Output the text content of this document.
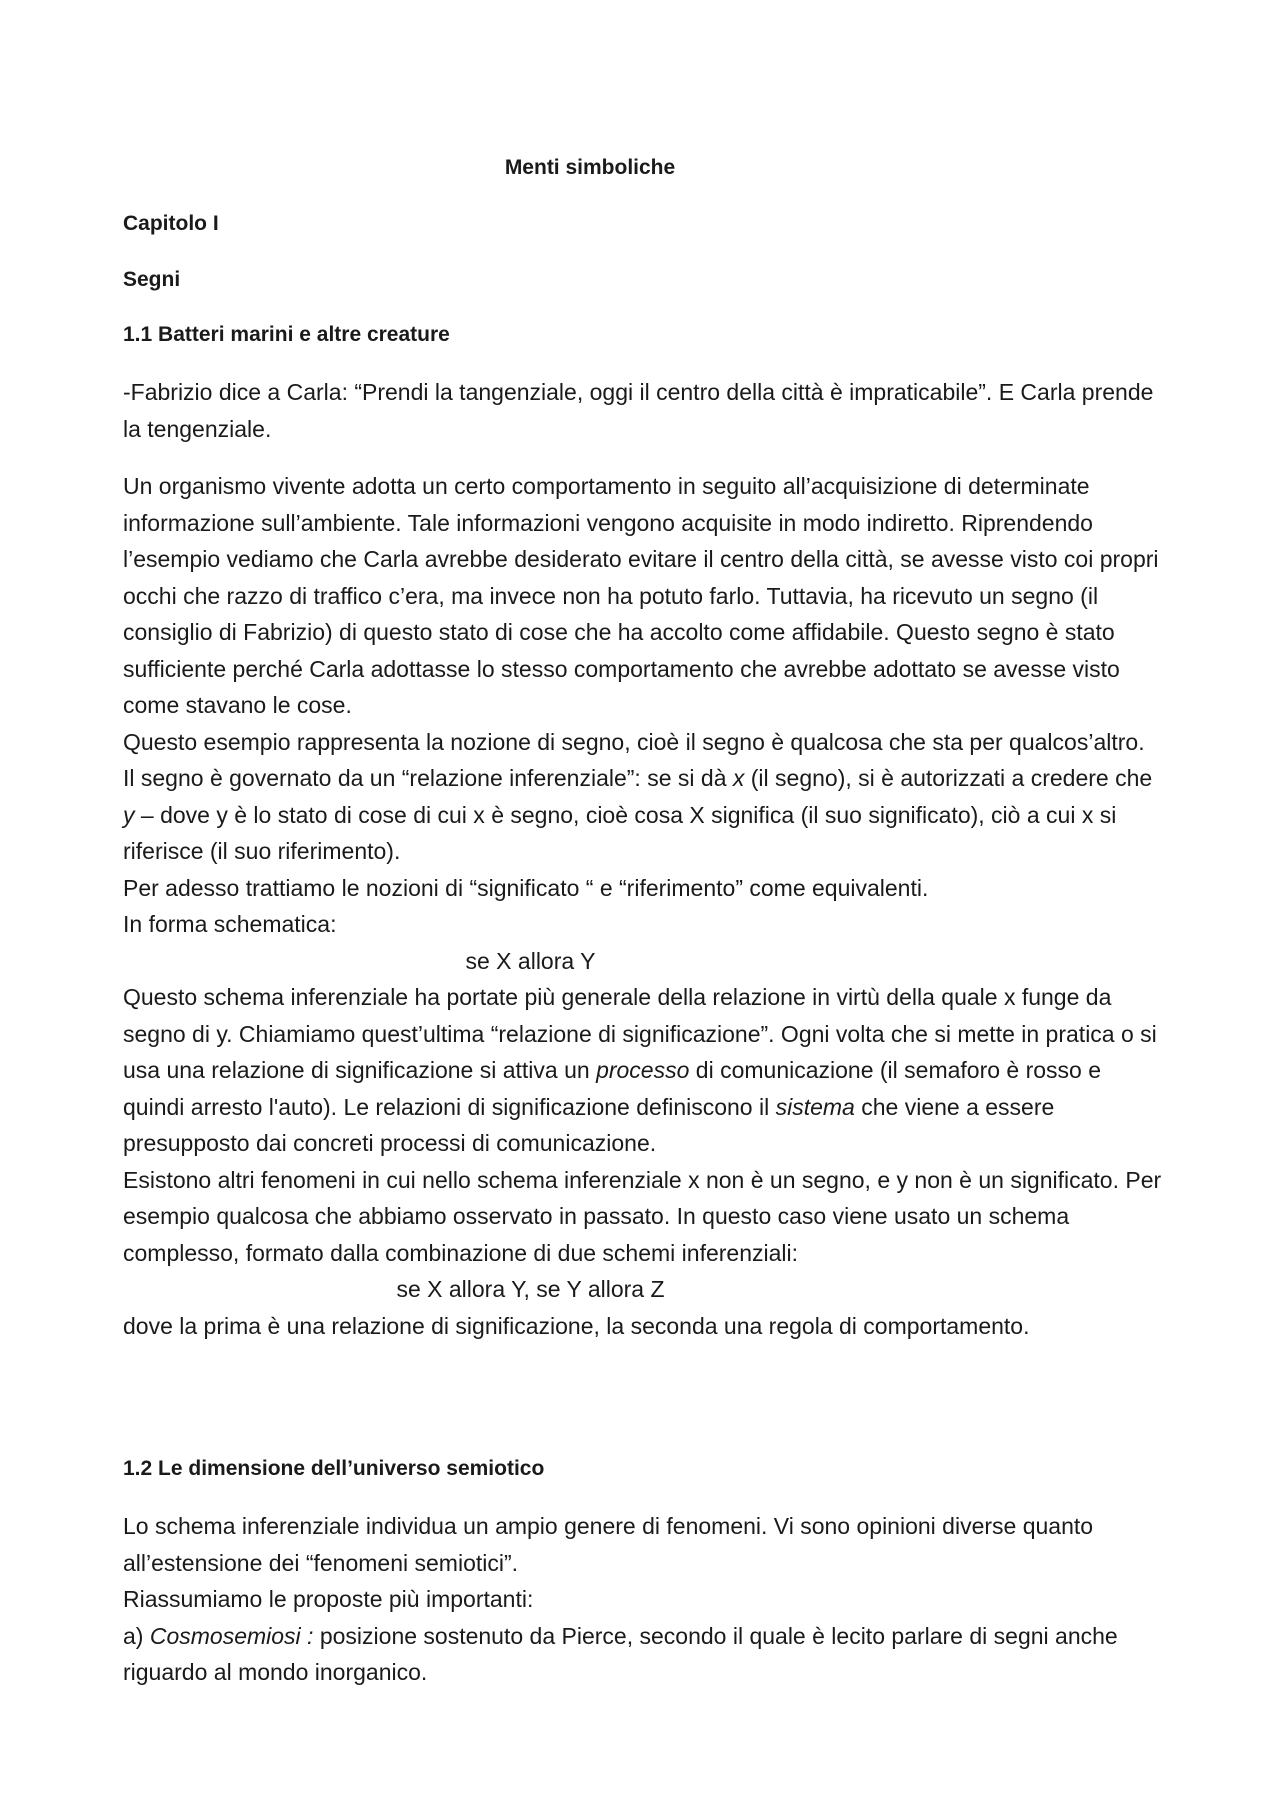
Menti simboliche
Capitolo I
Segni
1.1 Batteri marini e altre creature

-Fabrizio dice a Carla: “Prendi la tangenziale, oggi il centro della città è impraticabile”. E Carla prende la tengenziale.

Un organismo vivente adotta un certo comportamento in seguito all’acquisizione di determinate informazione sull’ambiente. Tale informazioni vengono acquisite in modo indiretto. Riprendendo l’esempio vediamo che Carla avrebbe desiderato evitare il centro della città, se avesse visto coi propri occhi che razzo di traffico c’era, ma invece non ha potuto farlo. Tuttavia, ha ricevuto un segno (il consiglio di Fabrizio) di questo stato di cose che ha accolto come affidabile. Questo segno è stato sufficiente perché Carla adottasse lo stesso comportamento che avrebbe adottato se avesse visto come stavano le cose.

Questo esempio rappresenta la nozione di segno, cioè il segno è qualcosa che sta per qualcos’altro.

Il segno è governato da un “relazione inferenziale”: se si dà x (il segno), si è autorizzati a credere che y – dove y è lo stato di cose di cui x è segno, cioè cosa X significa (il suo significato), ciò a cui x si riferisce (il suo riferimento).

Per adesso trattiamo le nozioni di “significato “ e “riferimento” come equivalenti.

In forma schematica:

se X allora Y

Questo schema inferenziale ha portate più generale della relazione in virtù della quale x funge da segno di y. Chiamiamo quest’ultima “relazione di significazione”. Ogni volta che si mette in pratica o si usa una relazione di significazione si attiva un processo di comunicazione (il semaforo è rosso e quindi arresto l'auto). Le relazioni di significazione definiscono il sistema che viene a essere presupposto dai concreti processi di comunicazione.

Esistono altri fenomeni in cui nello schema inferenziale x non è un segno, e y non è un significato. Per esempio qualcosa che abbiamo osservato in passato. In questo caso viene usato un schema complesso, formato dalla combinazione di due schemi inferenziali:

se X allora Y, se Y allora Z

dove la prima è una relazione di significazione, la seconda una regola di comportamento.

1.2 Le dimensione dell’universo semiotico

Lo schema inferenziale individua un ampio genere di fenomeni. Vi sono opinioni diverse quanto all’estensione dei “fenomeni semiotici”.

Riassumiamo le proposte più importanti:

a) Cosmosemiosi : posizione sostenuto da Pierce, secondo il quale è lecito parlare di segni anche riguardo al mondo inorganico.
